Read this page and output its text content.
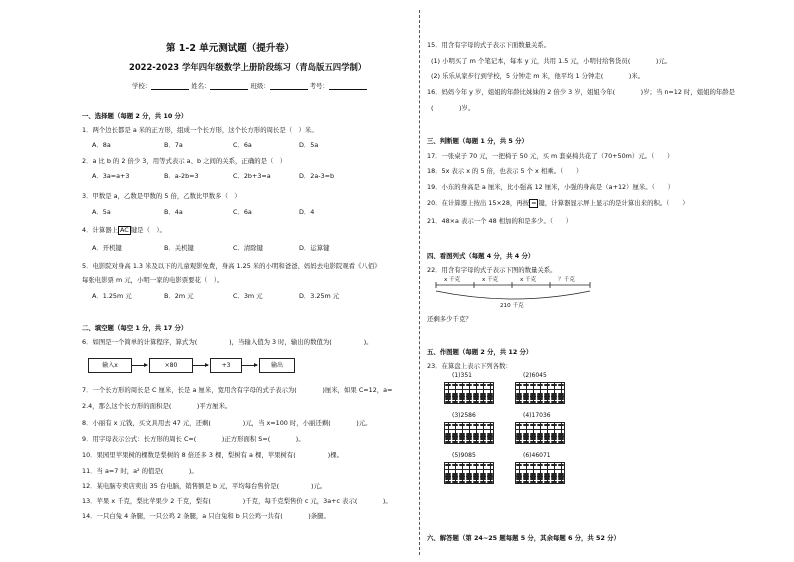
第 1-2 单元测试题（提升卷）
2022-2023 学年四年级数学上册阶段练习（青岛版五四学制）
学校：	姓名：	班级：	考号：
一、选择题（每题 2 分，共 10 分）
1．两个边长都是 a 米的正方形，组成一个长方形，这个长方形的周长是（　）米。
A．8a	B．7a	C．6a	D．5a
2．a 比 b 的 2 倍少 3，用等式表示 a、b 之间的关系，正确的是（　）
A．3a=a+3	B．a-2b=3	C．2b+3=a	D．2a-3=b
3．甲数是 a，乙数是甲数的 5 倍，乙数比甲数多（　）
A．5a	B．4a	C．6a	D．4
4．计算器上 AC 键是（　）。
A．开机键	B．关机键	C．清除键	D．运算键
5．电影院对身高 1.3 米及以下的儿童观影免费，身高 1.25 米的小明和爸爸、妈妈去电影院观看《八佰》
每张电影票 m 元，小明一家的电影票要花（　）。
A．1.25m 元	B．2m 元	C．3m 元	D．3.25m 元
二、填空题（每空 1 分，共 17 分）
6．如图是一个简单的计算程序，算式为(　　　　　)，当输入值为 3 时，输出的数值为(　　　　　)。
输入x	×80	+3	输出
7．一个长方形的周长是 C 厘米，长是 a 厘米，宽用含有字母的式子表示为(　　　　)厘米，如果 C=12，a=
2.4，那么这个长方形的面积是(　　　　)平方厘米。
8．小丽有 x 元钱，买文具用去 47 元，还剩(　　　　　)元，当 x=100 时，小丽还剩(　　　　)元。
9．用字母表示公式：长方形的周长 C=(　　　　)正方形面积 S=(　　　　)。
10．果园里苹果树的棵数是梨树的 8 倍还多 3 棵，梨树有 a 棵，苹果树有(　　　　　)棵。
11．当 a=7 时，a² 的值是(　　　　)。
12．某电脑专卖店卖出 35 台电脑，销售额是 b 元，平均每台售价是(　　　　　)元。
13．苹果 x 千克，梨比苹果少 2 千克，梨有(　　　　　)千克，每千克梨售价 c 元，3a+c 表示(　　　　)。
14．一只白兔 4 条腿，一只公鸡 2 条腿，a 只白兔和 b 只公鸡一共有(　　　　)条腿。
15．用含有字母的式子表示下面数量关系。
(1) 小明买了 m 个笔记本，每本 y 元，共用 1.5 元，小明付给售货员(　　　　)元。
(2) 乐乐从家步行到学校，5 分钟走 m 米，他平均 1 分钟走(　　　　)米。
16．妈妈今年 y 岁，姐姐的年龄比妹妹的 2 倍少 3 岁，姐姐今年(　　　　)岁；当 n=12 时，姐姐的年龄是
(　　　　)岁。
三、判断题（每题 1 分，共 5 分）
17．一张桌子 70 元，一把椅子 50 元，买 m 套桌椅共花了（70+50m）元。（　　）
18．5x 表示 x 的 5 倍，也表示 5 个 x 相乘。（　　）
19．小东的身高是 a 厘米，比小强高 12 厘米，小强的身高是（a+12）厘米。（　　）
20．在计算器上按出 15×28，再按 = 键，计算器显示屏上显示的是计算出来的积。（　　）
21．48×a 表示一个 48 相加的和是多少。（　　）
四、看图列式（每题 4 分，共 4 分）
22．用含有字母的式子表示下图的数量关系。
x 千克	x 千克	x 千克	？千克
210 千克
还剩多少千克？
五、作图题（每题 2 分，共 12 分）
23．在算盘上表示下列各数：
(1)351	(2)6045
(3)2586	(4)17036
(5)9085	(6)46071
六、解答题（第 24~25 题每题 5 分，其余每题 6 分，共 52 分）
